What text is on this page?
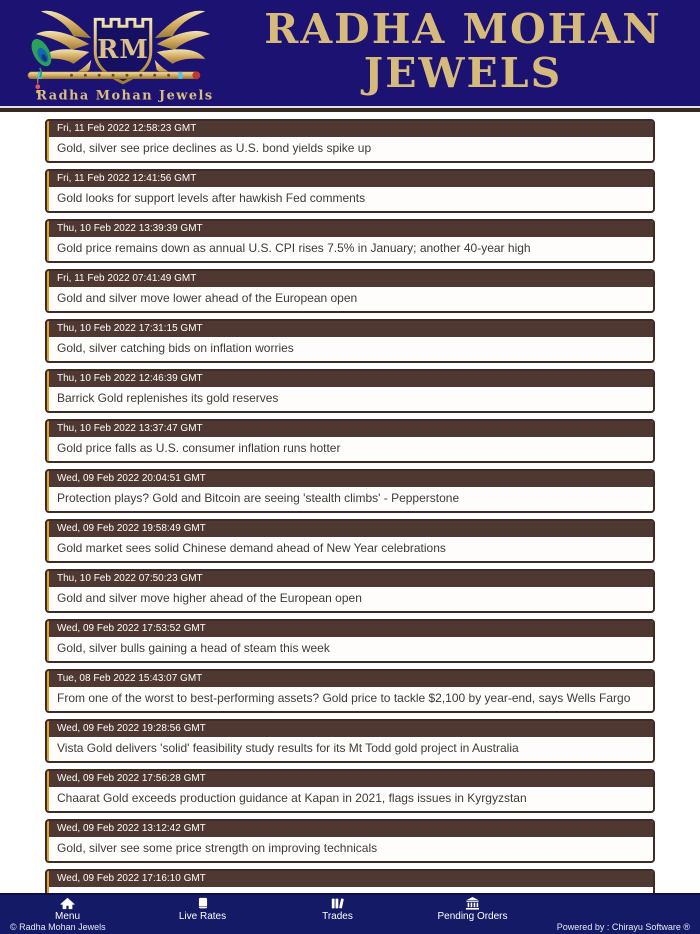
RM
Radha Mohan Jewels
RADHA MOHAN
JEWELS
Fri, 11 Feb 2022 12:58:23 GMT
Gold, silver see price declines as U.S. bond yields spike up
Fri, 11 Feb 2022 12:41:56 GMT
Gold looks for support levels after hawkish Fed comments
Thu, 10 Feb 2022 13:39:39 GMT
Gold price remains down as annual U.S. CPI rises 7.5% in January; another 40-year high
Fri, 11 Feb 2022 07:41:49 GMT
Gold and silver move lower ahead of the European open
Thu, 10 Feb 2022 17:31:15 GMT
Gold, silver catching bids on inflation worries
Thu, 10 Feb 2022 12:46:39 GMT
Barrick Gold replenishes its gold reserves
Thu, 10 Feb 2022 13:37:47 GMT
Gold price falls as U.S. consumer inflation runs hotter
Wed, 09 Feb 2022 20:04:51 GMT
Protection plays? Gold and Bitcoin are seeing 'stealth climbs' - Pepperstone
Wed, 09 Feb 2022 19:58:49 GMT
Gold market sees solid Chinese demand ahead of New Year celebrations
Thu, 10 Feb 2022 07:50:23 GMT
Gold and silver move higher ahead of the European open
Wed, 09 Feb 2022 17:53:52 GMT
Gold, silver bulls gaining a head of steam this week
Tue, 08 Feb 2022 15:43:07 GMT
From one of the worst to best-performing assets? Gold price to tackle $2,100 by year-end, says Wells Fargo
Wed, 09 Feb 2022 19:28:56 GMT
Vista Gold delivers 'solid' feasibility study results for its Mt Todd gold project in Australia
Wed, 09 Feb 2022 17:56:28 GMT
Chaarat Gold exceeds production guidance at Kapan in 2021, flags issues in Kyrgyzstan
Wed, 09 Feb 2022 13:12:42 GMT
Gold, silver see some price strength on improving technicals
Wed, 09 Feb 2022 17:16:10 GMT
Menu	Live Rates	Trades	Pending Orders
© Radha Mohan Jewels	Powered by : Chirayu Software ®
